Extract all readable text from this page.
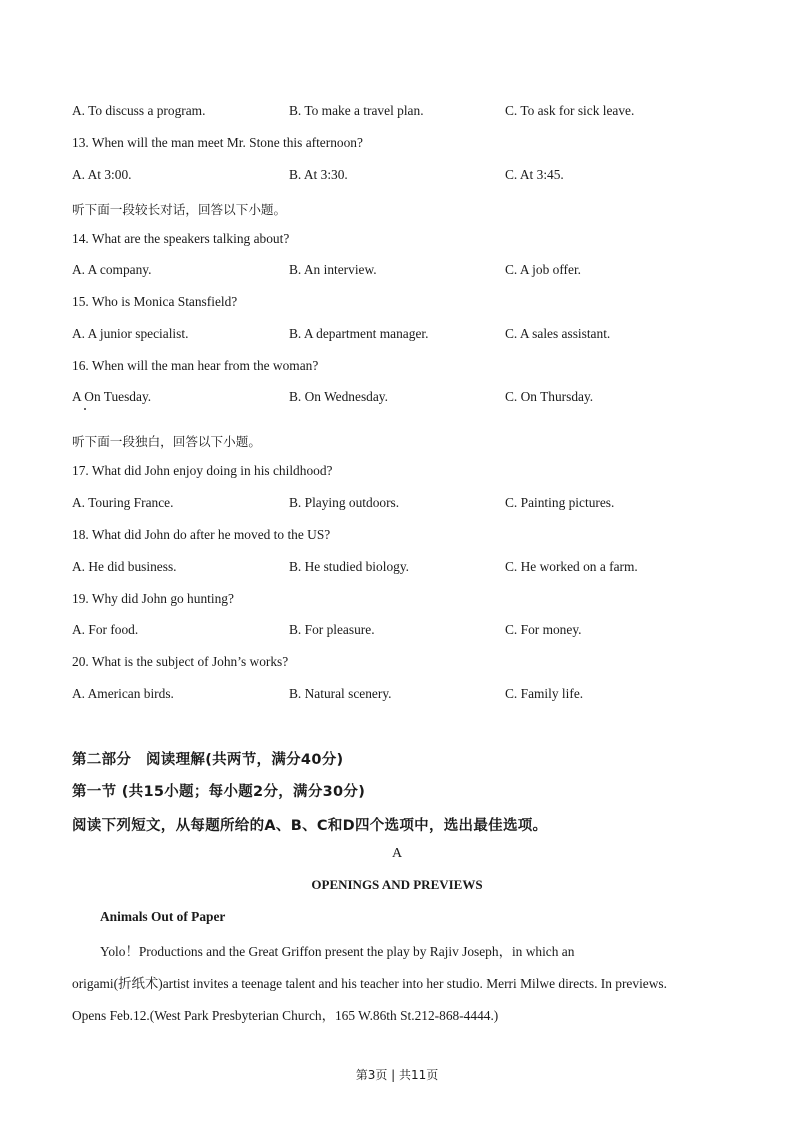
A. To discuss a program.	B. To make a travel plan.	C. To ask for sick leave.
13. When will the man meet Mr. Stone this afternoon?
A. At 3:00.	B. At 3:30.	C. At 3:45.
听下面一段较长对话，回答以下小题。
14. What are the speakers talking about?
A. A company.	B. An interview.	C. A job offer.
15. Who is Monica Stansfield?
A. A junior specialist.	B. A department manager.	C. A sales assistant.
16. When will the man hear from the woman?
A On Tuesday.	B. On Wednesday.	C. On Thursday.
听下面一段独白，回答以下小题。
17. What did John enjoy doing in his childhood?
A. Touring France.	B. Playing outdoors.	C. Painting pictures.
18. What did John do after he moved to the US?
A. He did business.	B. He studied biology.	C. He worked on a farm.
19. Why did John go hunting?
A. For food.	B. For pleasure.	C. For money.
20. What is the subject of John’s works?
A. American birds.	B. Natural scenery.	C. Family life.
第二部分　阅读理解(共两节，满分40分)
第一节 (共15小题；每小题2分，满分30分)
阅读下列短文，从每题所给的A、B、C和D四个选项中，选出最佳选项。
A
OPENINGS AND PREVIEWS
Animals Out of Paper
Yolo！Productions and the Great Griffon present the play by Rajiv Joseph，in which an
origami(折纸术)artist invites a teenage talent and his teacher into her studio. Merri Milwe directs. In previews.
Opens Feb.12.(West Park Presbyterian Church，165 W.86th St.212-868-4444.)
第3页 | 共11页
